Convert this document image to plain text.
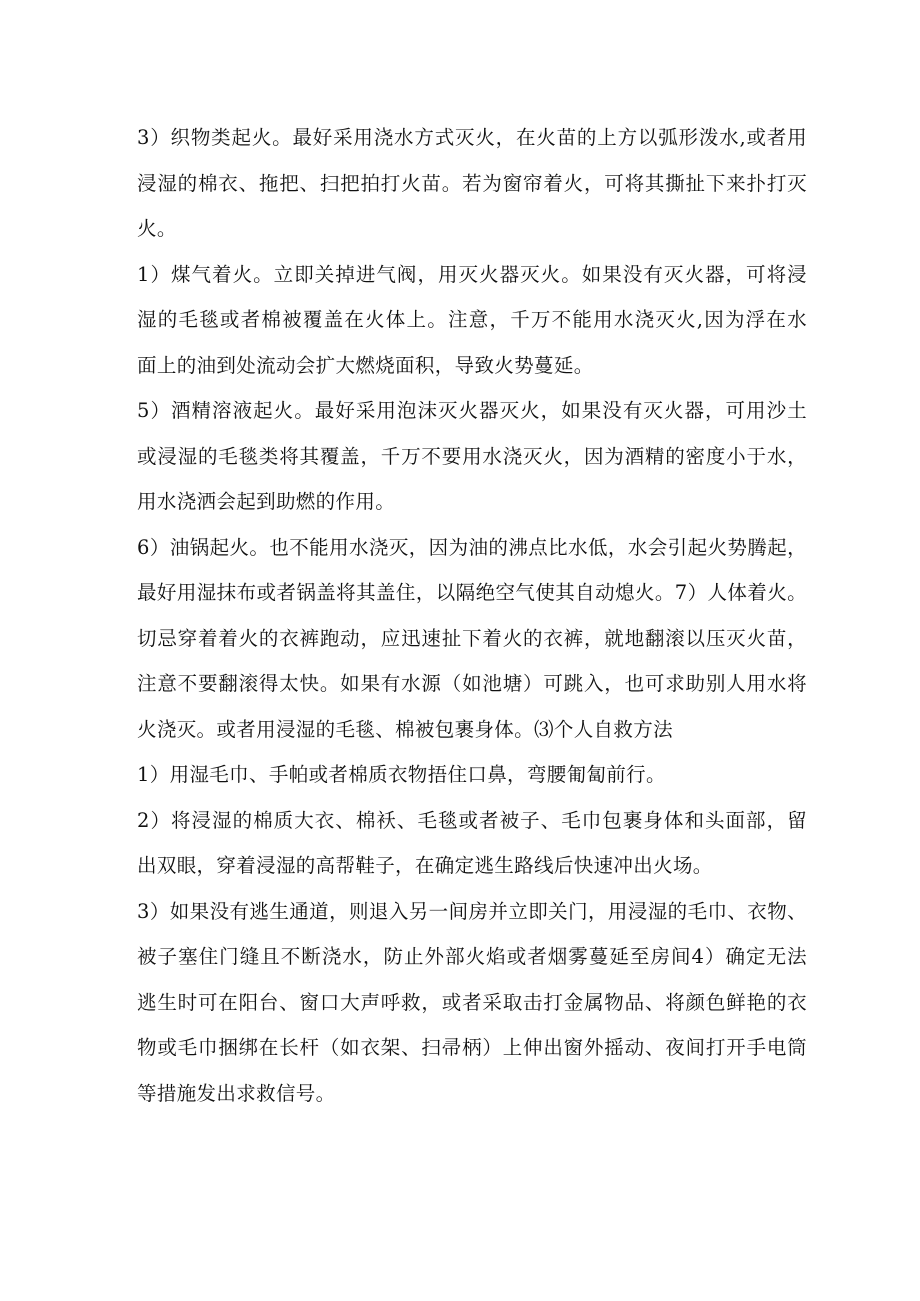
3）织物类起火。最好采用浇水方式灭火，在火苗的上方以弧形泼水,或者用
浸湿的棉衣、拖把、扫把拍打火苗。若为窗帘着火，可将其撕扯下来扑打灭
火。
1）煤气着火。立即关掉进气阀，用灭火器灭火。如果没有灭火器，可将浸
湿的毛毯或者棉被覆盖在火体上。注意，千万不能用水浇灭火,因为浮在水
面上的油到处流动会扩大燃烧面积，导致火势蔓延。
5）酒精溶液起火。最好采用泡沫灭火器灭火，如果没有灭火器，可用沙土
或浸湿的毛毯类将其覆盖，千万不要用水浇灭火，因为酒精的密度小于水，
用水浇洒会起到助燃的作用。
6）油锅起火。也不能用水浇灭，因为油的沸点比水低，水会引起火势腾起，
最好用湿抹布或者锅盖将其盖住，以隔绝空气使其自动熄火。7）人体着火。
切忌穿着着火的衣裤跑动，应迅速扯下着火的衣裤，就地翻滚以压灭火苗，
注意不要翻滚得太快。如果有水源（如池塘）可跳入，也可求助别人用水将
火浇灭。或者用浸湿的毛毯、棉被包裹身体。⑶个人自救方法
1）用湿毛巾、手帕或者棉质衣物捂住口鼻，弯腰匍匐前行。
2）将浸湿的棉质大衣、棉袄、毛毯或者被子、毛巾包裹身体和头面部，留
出双眼，穿着浸湿的高帮鞋子，在确定逃生路线后快速冲出火场。
3）如果没有逃生通道，则退入另一间房并立即关门，用浸湿的毛巾、衣物、
被子塞住门缝且不断浇水，防止外部火焰或者烟雾蔓延至房间4）确定无法
逃生时可在阳台、窗口大声呼救，或者采取击打金属物品、将颜色鲜艳的衣
物或毛巾捆绑在长杆（如衣架、扫帚柄）上伸出窗外摇动、夜间打开手电筒
等措施发出求救信号。
